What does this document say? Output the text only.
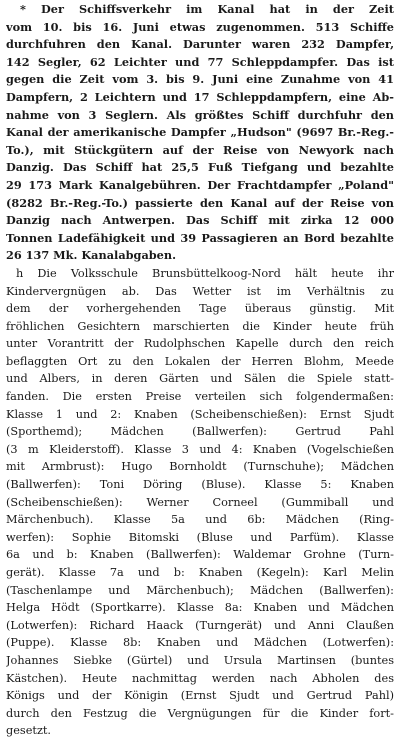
* Der Schiffsverkehr im Kanal hat in der Zeit
vom 10. bis 16. Juni etwas zugenommen. 513 Schiffe
durchfuhren den Kanal. Darunter waren 232 Dampfer,
142 Segler, 62 Leichter und 77 Schleppdampfer. Das ist
gegen die Zeit vom 3. bis 9. Juni eine Zunahme von 41
Dampfern, 2 Leichtern und 17 Schleppdampfern, eine Ab-
nahme von 3 Seglern. Als größtes Schiff durchfuhr den
Kanal der amerikanische Dampfer „Hudson" (9697 Br.-Reg.-
To.), mit Stückgütern auf der Reise von Newyork nach
Danzig. Das Schiff hat 25,5 Fuß Tiefgang und bezahlte
29 173 Mark Kanalgebühren. Der Frachtdampfer „Poland"
(8282 Br.-Reg.-To.) passierte den Kanal auf der Reise von
Danzig nach Antwerpen. Das Schiff mit zirka 12 000
Tonnen Ladefähigkeit und 39 Passagieren an Bord bezahlte
26 137 Mk. Kanalabgaben.
h Die Volksschule Brunsbüttelkoog-Nord hält heute ihr
Kindervergnügen ab. Das Wetter ist im Verhältnis zu
dem der vorhergehenden Tage überaus günstig. Mit
fröhlichen Gesichtern marschierten die Kinder heute früh
unter Vorantritt der Rudolphschen Kapelle durch den reich
beflaggten Ort zu den Lokalen der Herren Blohm, Meede
und Albers, in deren Gärten und Sälen die Spiele statt-
fanden. Die ersten Preise verteilen sich folgendermaßen:
Klasse 1 und 2: Knaben (Scheibenschießen): Ernst Sjudt
(Sporthemd); Mädchen (Ballwerfen): Gertrud Pahl
(3 m Kleiderstoff). Klasse 3 und 4: Knaben (Vogelschießen
mit Armbrust): Hugo Bornholdt (Turnschuhe); Mädchen
(Ballwerfen): Toni Döring (Bluse). Klasse 5: Knaben
(Scheibenschießen): Werner Corneel (Gummiball und
Märchenbuch). Klasse 5a und 6b: Mädchen (Ring-
werfen): Sophie Bitomski (Bluse und Parfüm). Klasse
6a und b: Knaben (Ballwerfen): Waldemar Grohne (Turn-
gerät). Klasse 7a und b: Knaben (Kegeln): Karl Melin
(Taschenlampe und Märchenbuch); Mädchen (Ballwerfen):
Helga Hödt (Sportkarre). Klasse 8a: Knaben und Mädchen
(Lotwerfen): Richard Haack (Turngerät) und Anni Claußen
(Puppe). Klasse 8b: Knaben und Mädchen (Lotwerfen):
Johannes Siebke (Gürtel) und Ursula Martinsen (buntes
Kästchen). Heute nachmittag werden nach Abholen des
Königs und der Königin (Ernst Sjudt und Gertrud Pahl)
durch den Festzug die Vergnügungen für die Kinder fort-
gesetzt.
